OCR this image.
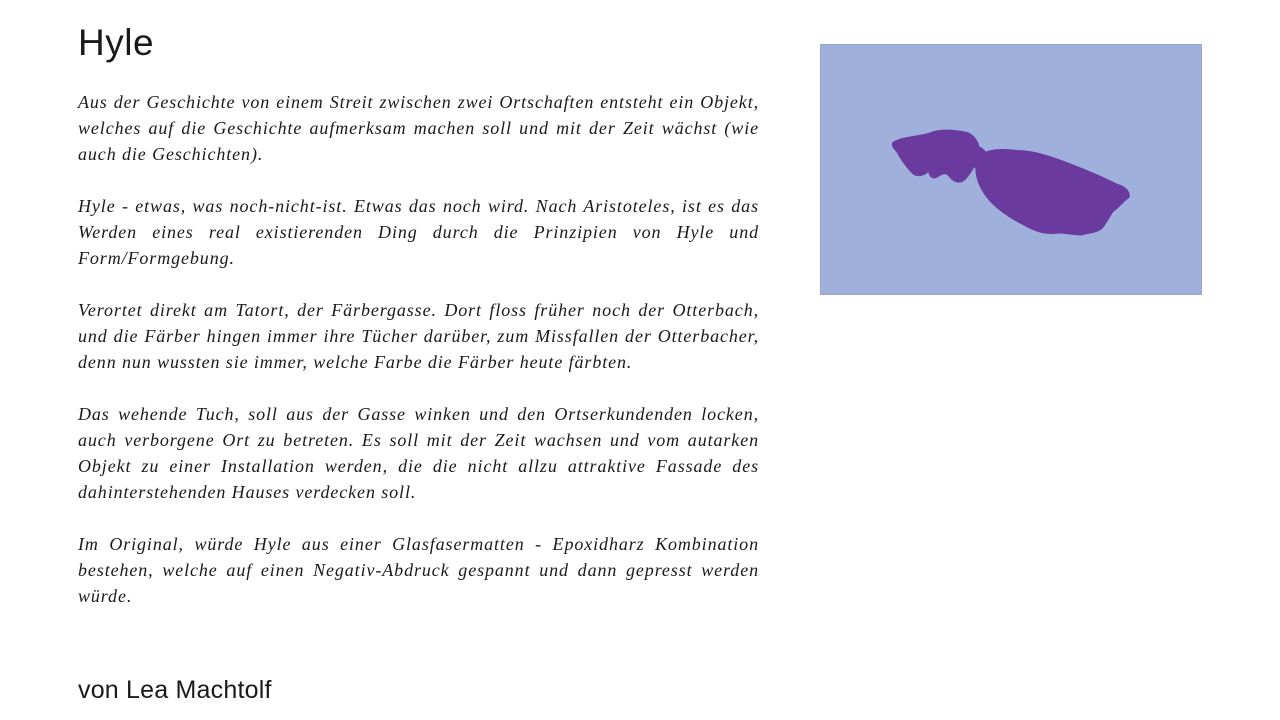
Hyle

Aus der Geschichte von einem Streit zwischen zwei Ortschaften entsteht ein Objekt, welches auf die Geschichte aufmerksam machen soll und mit der Zeit wächst (wie auch die Geschichten).

Hyle - etwas, was noch-nicht-ist. Etwas das noch wird. Nach Aristoteles, ist es das Werden eines real existierenden Ding durch die Prinzipien von Hyle und Form/Formgebung.

Verortet direkt am Tatort, der Färbergasse. Dort floss früher noch der Otterbach, und die Färber hingen immer ihre Tücher darüber, zum Missfallen der Otterbacher, denn nun wussten sie immer, welche Farbe die Färber heute färbten.

Das wehende Tuch, soll aus der Gasse winken und den Ortserkundenden locken, auch verborgene Ort zu betreten. Es soll mit der Zeit wachsen und vom autarken Objekt zu einer Installation werden, die die nicht allzu attraktive Fassade des dahinterstehenden Hauses verdecken soll.

Im Original, würde Hyle aus einer Glasfasermatten - Epoxidharz Kombination bestehen, welche auf einen Negativ-Abdruck gespannt und dann gepresst werden würde.

von Lea Machtolf
